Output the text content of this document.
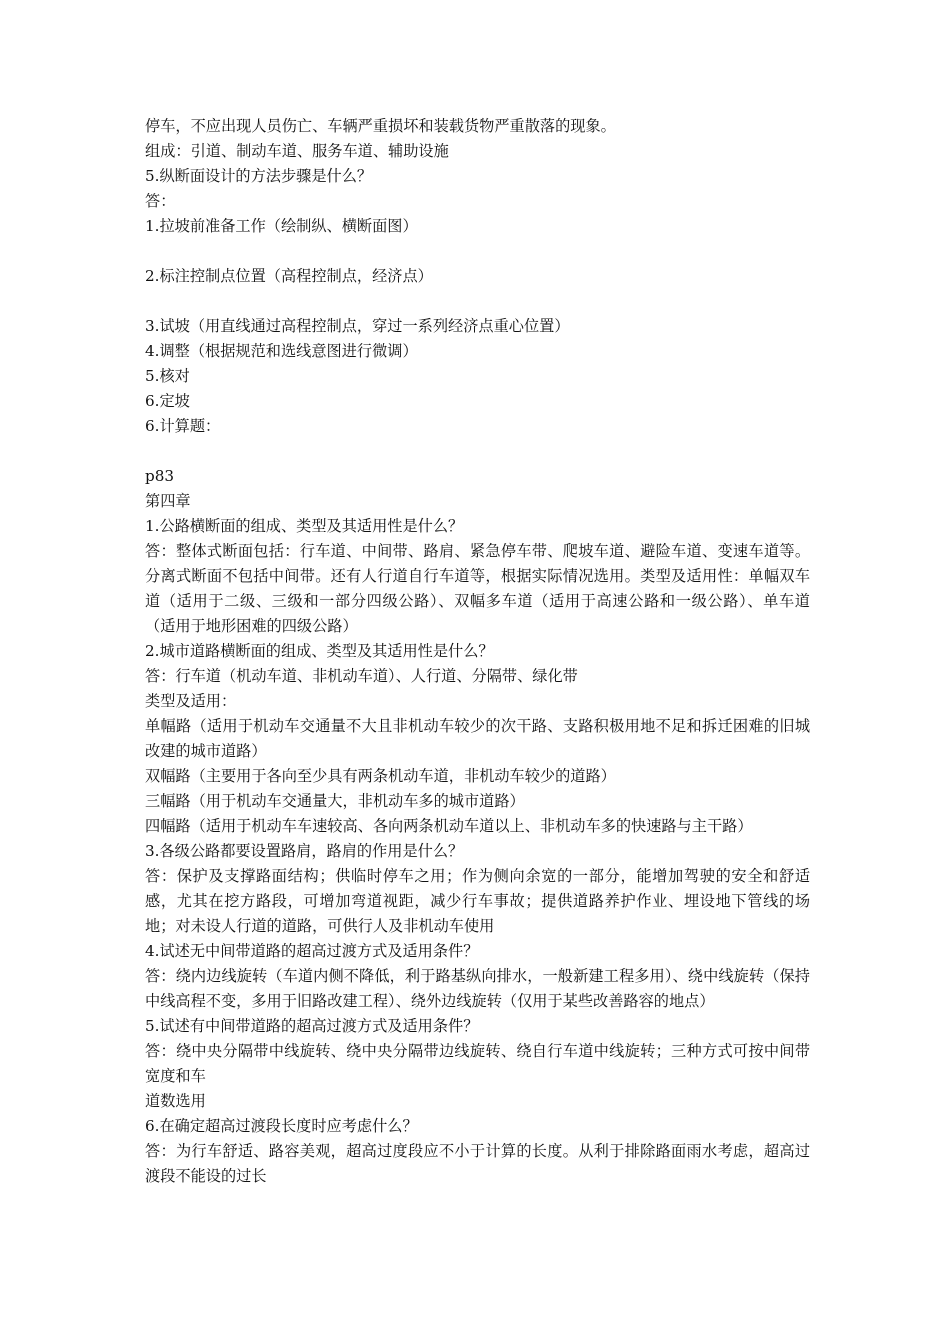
停车，不应出现人员伤亡、车辆严重损坏和装载货物严重散落的现象。
组成：引道、制动车道、服务车道、辅助设施
5.纵断面设计的方法步骤是什么？
答：
1.拉坡前准备工作（绘制纵、横断面图）
2.标注控制点位置（高程控制点，经济点）
3.试坡（用直线通过高程控制点，穿过一系列经济点重心位置）
4.调整（根据规范和选线意图进行微调）
5.核对
6.定坡
6.计算题：
p83
第四章
1.公路横断面的组成、类型及其适用性是什么？
答：整体式断面包括：行车道、中间带、路肩、紧急停车带、爬坡车道、避险车道、变速车道等。分离式断面不包括中间带。还有人行道自行车道等，根据实际情况选用。类型及适用性：单幅双车道（适用于二级、三级和一部分四级公路）、双幅多车道（适用于高速公路和一级公路）、单车道（适用于地形困难的四级公路）
2.城市道路横断面的组成、类型及其适用性是什么？
答：行车道（机动车道、非机动车道）、人行道、分隔带、绿化带
类型及适用：
单幅路（适用于机动车交通量不大且非机动车较少的次干路、支路积极用地不足和拆迁困难的旧城改建的城市道路）
双幅路（主要用于各向至少具有两条机动车道，非机动车较少的道路）
三幅路（用于机动车交通量大，非机动车多的城市道路）
四幅路（适用于机动车车速较高、各向两条机动车道以上、非机动车多的快速路与主干路）
3.各级公路都要设置路肩，路肩的作用是什么？
答：保护及支撑路面结构；供临时停车之用；作为侧向余宽的一部分，能增加驾驶的安全和舒适感，尤其在挖方路段，可增加弯道视距，减少行车事故；提供道路养护作业、埋设地下管线的场地；对未设人行道的道路，可供行人及非机动车使用
4.试述无中间带道路的超高过渡方式及适用条件？
答：绕内边线旋转（车道内侧不降低，利于路基纵向排水，一般新建工程多用）、绕中线旋转（保持中线高程不变，多用于旧路改建工程）、绕外边线旋转（仅用于某些改善路容的地点）
5.试述有中间带道路的超高过渡方式及适用条件？
答：绕中央分隔带中线旋转、绕中央分隔带边线旋转、绕自行车道中线旋转；三种方式可按中间带宽度和车
道数选用
6.在确定超高过渡段长度时应考虑什么？
答：为行车舒适、路容美观，超高过度段应不小于计算的长度。从利于排除路面雨水考虑，超高过渡段不能设的过长
